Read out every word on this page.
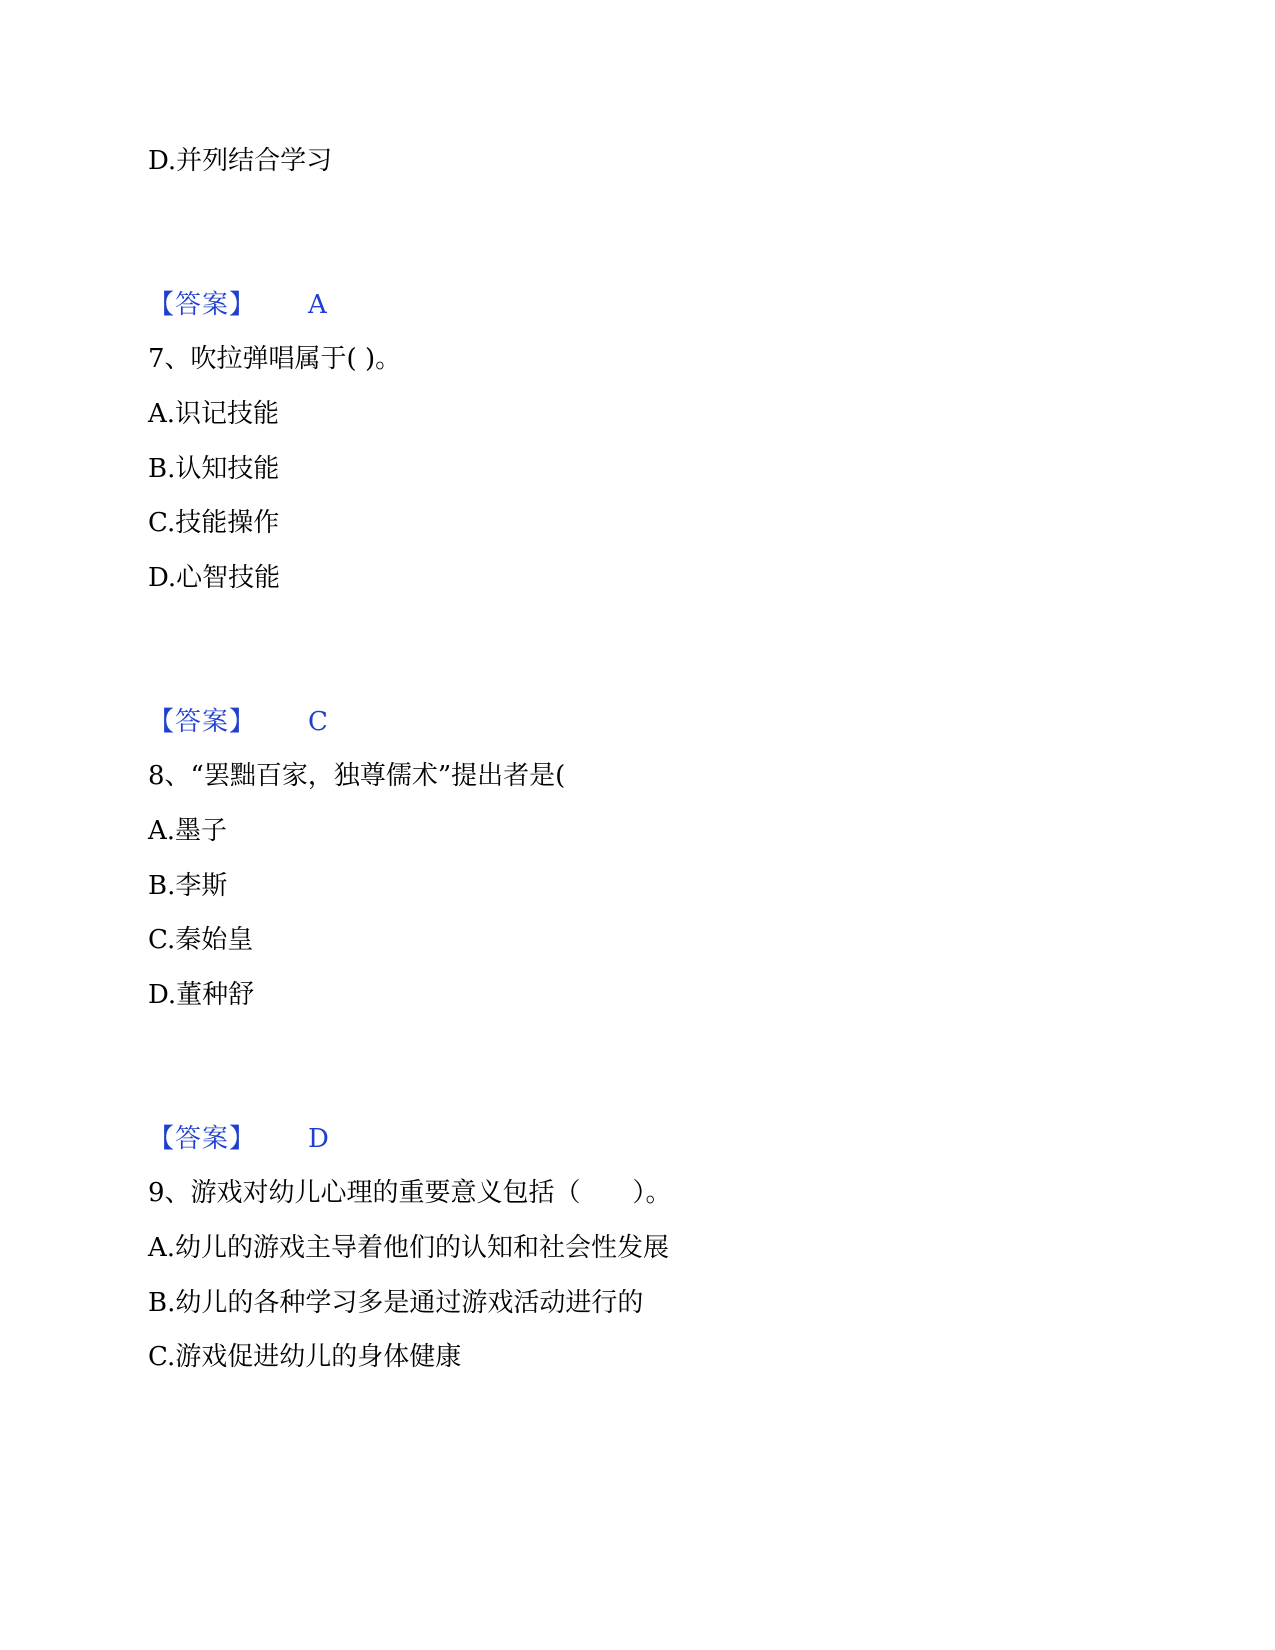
D.并列结合学习
【答案】 A
7、吹拉弹唱属于( )。
A.识记技能
B.认知技能
C.技能操作
D.心智技能
【答案】 C
8、“罢黜百家，独尊儒术”提出者是(
A.墨子
B.李斯
C.秦始皇
D.董种舒
【答案】 D
9、游戏对幼儿心理的重要意义包括（　　）。
A.幼儿的游戏主导着他们的认知和社会性发展
B.幼儿的各种学习多是通过游戏活动进行的
C.游戏促进幼儿的身体健康
